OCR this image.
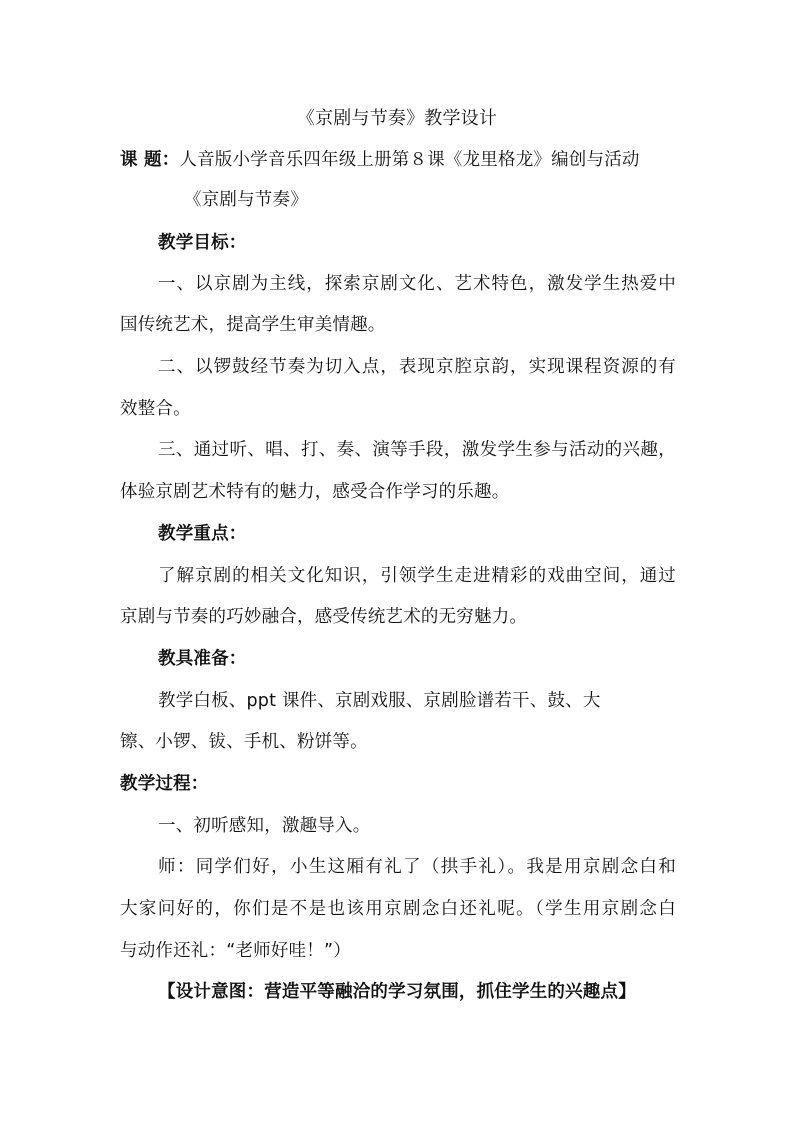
《京剧与节奏》教学设计
课 题：人音版小学音乐四年级上册第８课《龙里格龙》编创与活动
《京剧与节奏》
教学目标：
一、以京剧为主线，探索京剧文化、艺术特色，激发学生热爱中
国传统艺术，提高学生审美情趣。
二、以锣鼓经节奏为切入点，表现京腔京韵，实现课程资源的有
效整合。
三、通过听、唱、打、奏、演等手段，激发学生参与活动的兴趣，
体验京剧艺术特有的魅力，感受合作学习的乐趣。
教学重点：
了解京剧的相关文化知识，引领学生走进精彩的戏曲空间，通过
京剧与节奏的巧妙融合，感受传统艺术的无穷魅力。
教具准备：
教学白板、ppt 课件、京剧戏服、京剧脸谱若干、鼓、大
镲、小锣、钹、手机、粉饼等。
教学过程：
一、初听感知，激趣导入。
师：同学们好，小生这厢有礼了（拱手礼）。我是用京剧念白和
大家问好的，你们是不是也该用京剧念白还礼呢。（学生用京剧念白
与动作还礼：“老师好哇！”）
【设计意图：营造平等融洽的学习氛围，抓住学生的兴趣点】
